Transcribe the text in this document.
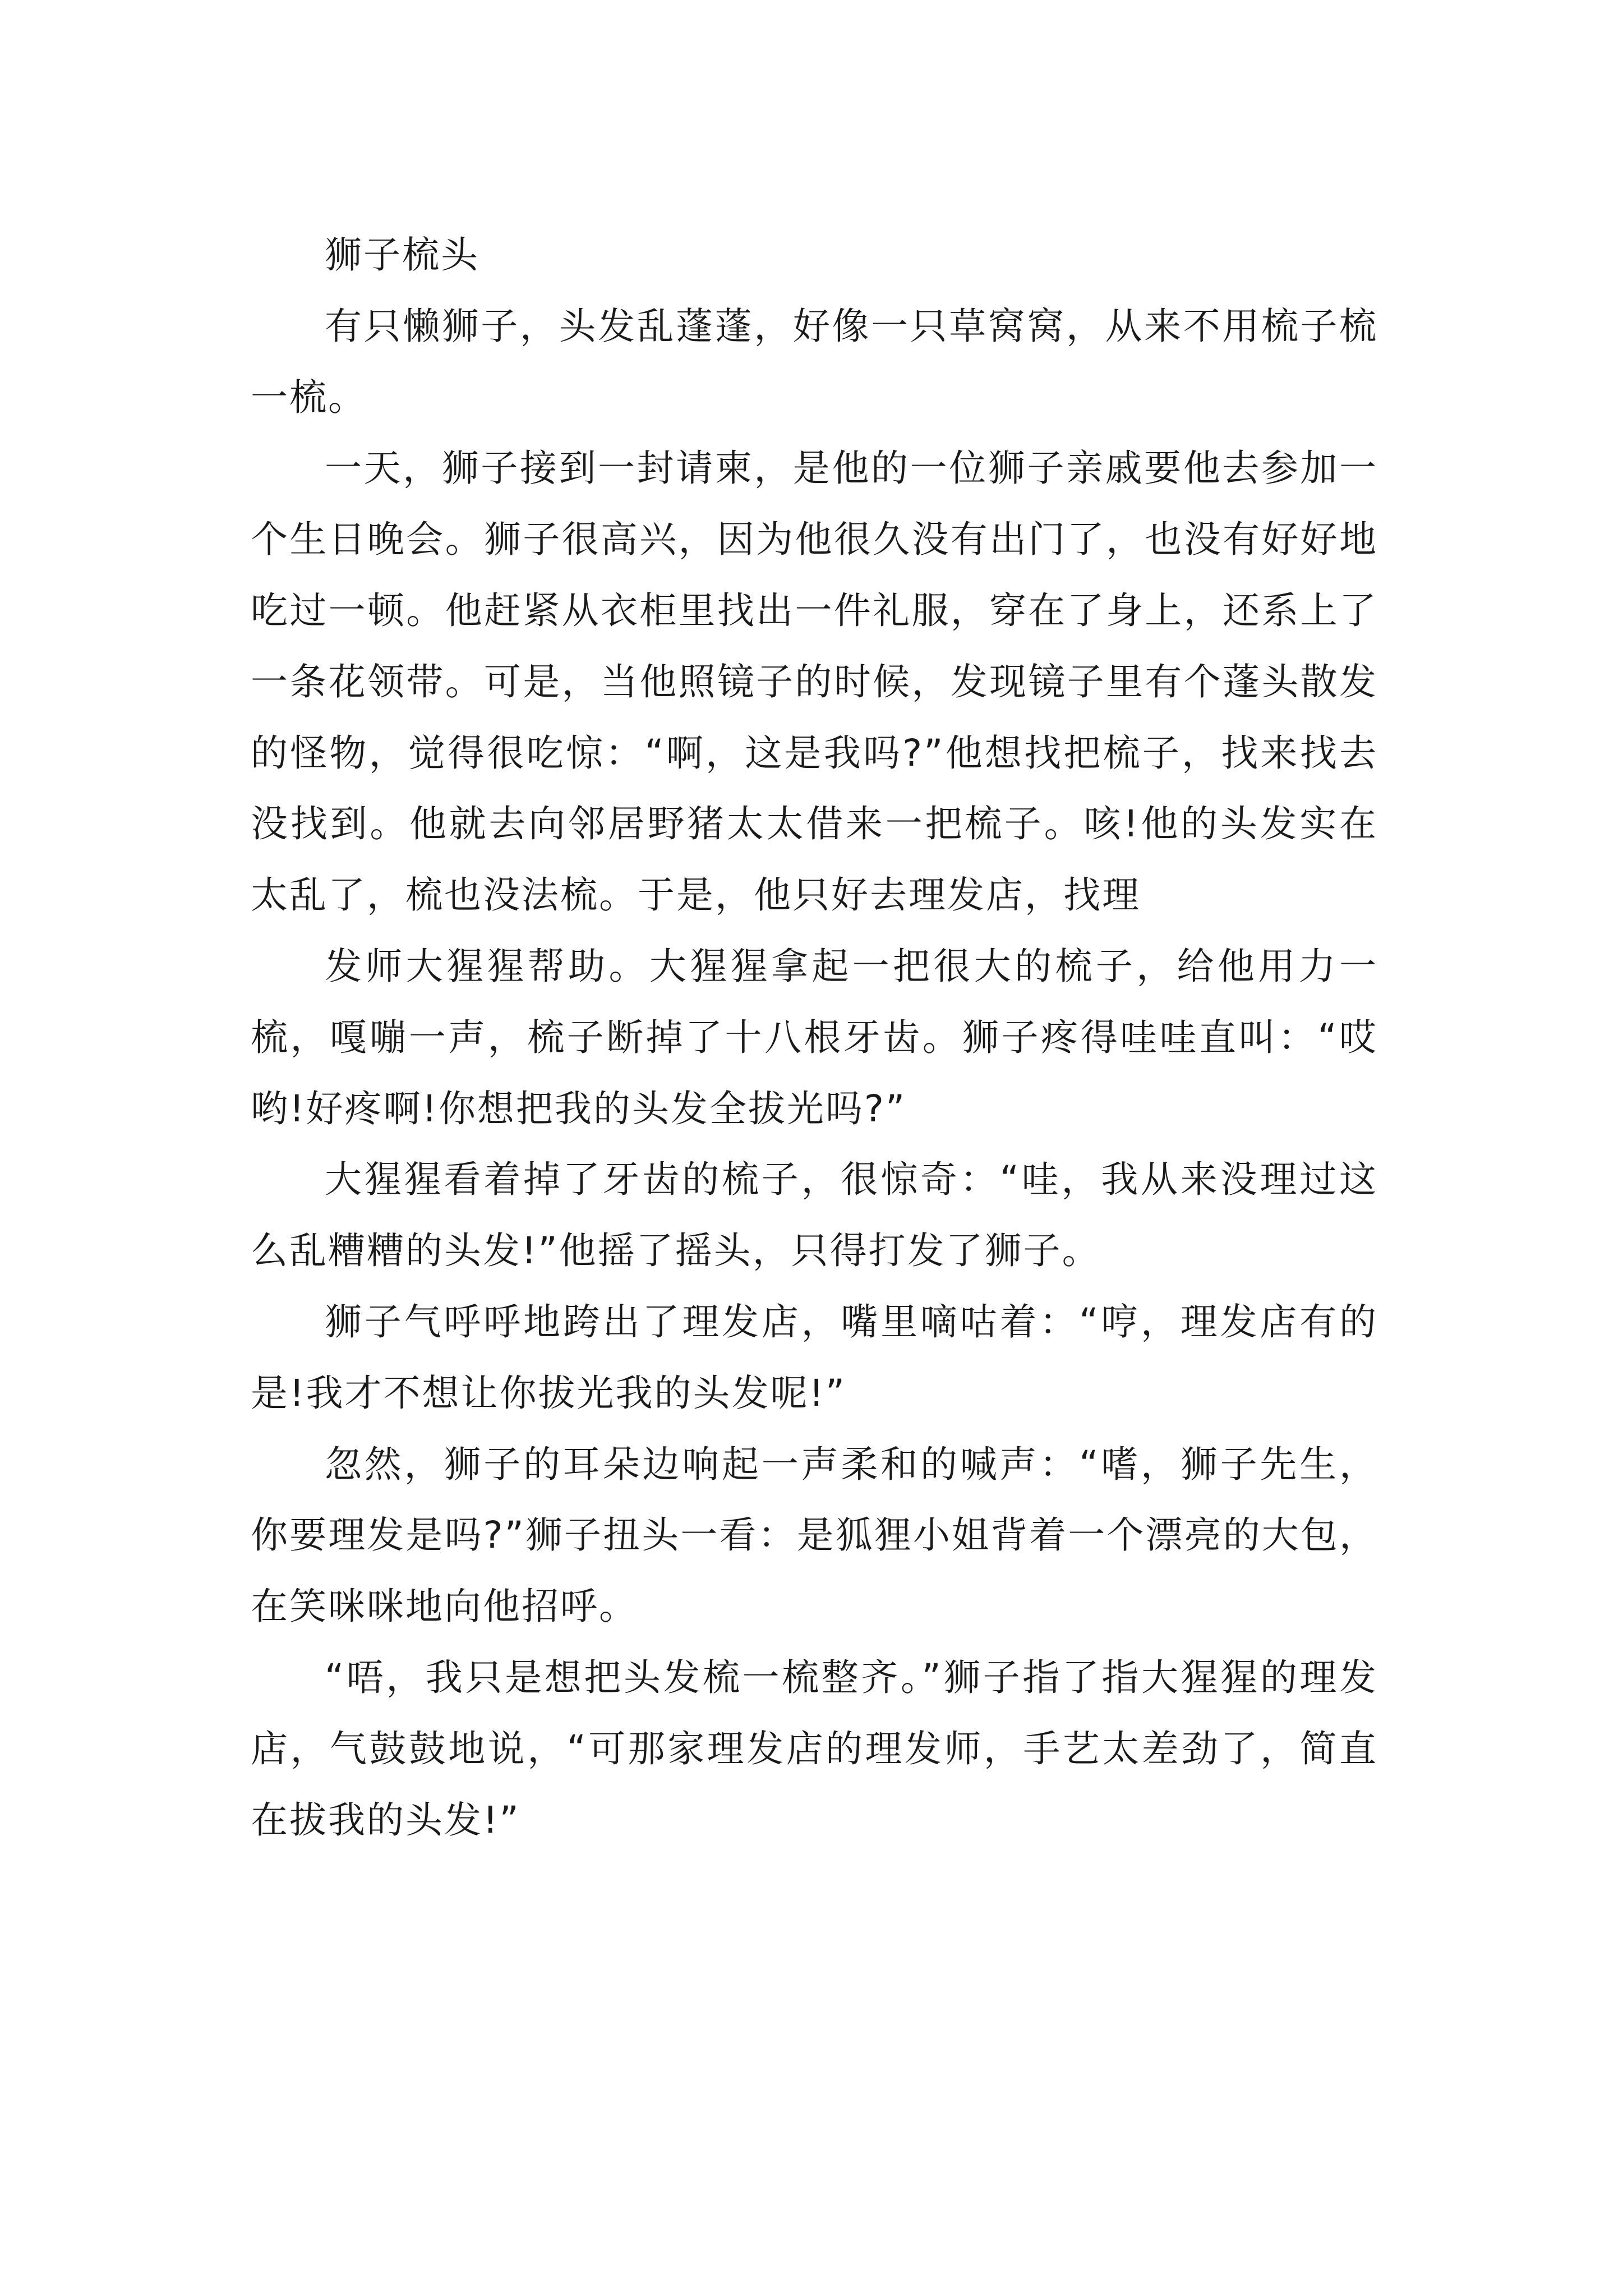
狮子梳头

有只懒狮子，头发乱蓬蓬，好像一只草窝窝，从来不用梳子梳一梳。

一天，狮子接到一封请柬，是他的一位狮子亲戚要他去参加一个生日晚会。狮子很高兴，因为他很久没有出门了，也没有好好地吃过一顿。他赶紧从衣柜里找出一件礼服，穿在了身上，还系上了一条花领带。可是，当他照镜子的时候，发现镜子里有个蓬头散发的怪物，觉得很吃惊：“啊，这是我吗?”他想找把梳子，找来找去没找到。他就去向邻居野猪太太借来一把梳子。咳!他的头发实在太乱了，梳也没法梳。于是，他只好去理发店，找理

发师大猩猩帮助。大猩猩拿起一把很大的梳子，给他用力一梳，嘎嘣一声，梳子断掉了十八根牙齿。狮子疼得哇哇直叫：“哎哟!好疼啊!你想把我的头发全拔光吗?”

大猩猩看着掉了牙齿的梳子，很惊奇：“哇，我从来没理过这么乱糟糟的头发!”他摇了摇头，只得打发了狮子。

狮子气呼呼地跨出了理发店，嘴里嘀咕着：“哼，理发店有的是!我才不想让你拔光我的头发呢!”

忽然，狮子的耳朵边响起一声柔和的喊声：“嗜，狮子先生，你要理发是吗?”狮子扭头一看：是狐狸小姐背着一个漂亮的大包，在笑咪咪地向他招呼。

“唔，我只是想把头发梳一梳整齐。”狮子指了指大猩猩的理发店，气鼓鼓地说，“可那家理发店的理发师，手艺太差劲了，简直在拔我的头发!”
